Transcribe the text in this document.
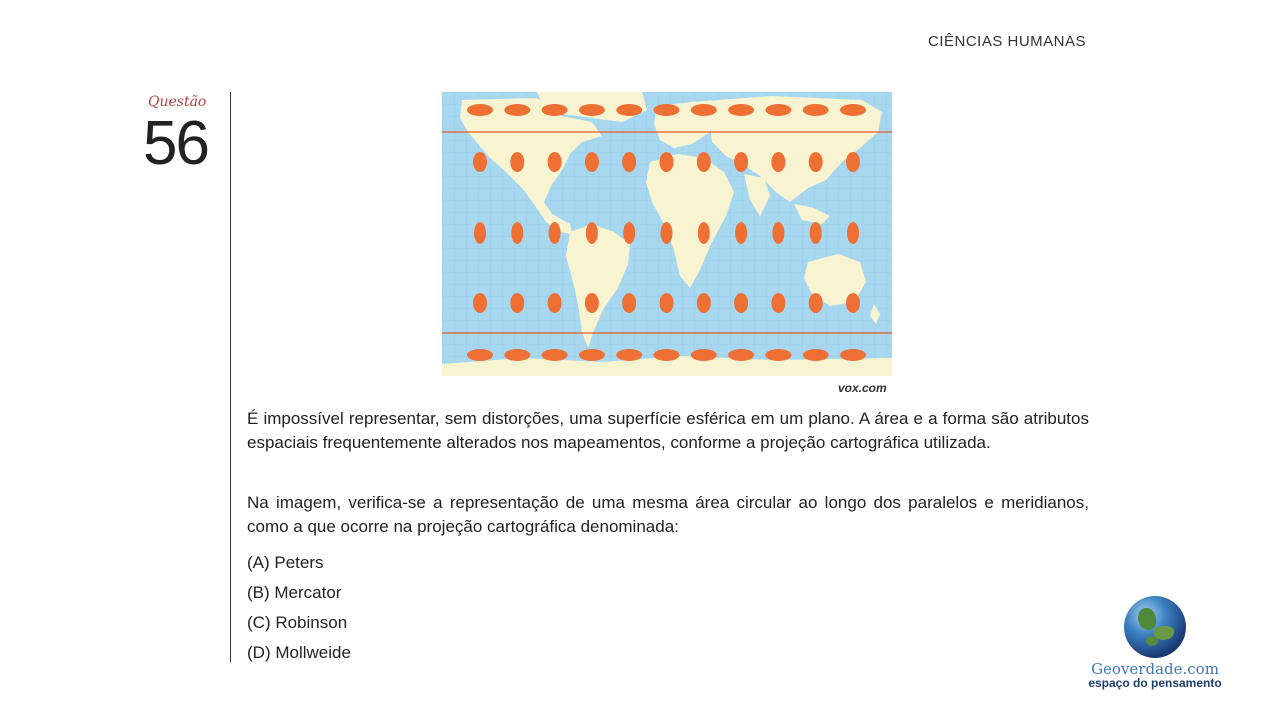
CIÊNCIAS HUMANAS
Questão
56
vox.com
É impossível representar, sem distorções, uma superfície esférica em um plano. A área e a forma são atributos espaciais frequentemente alterados nos mapeamentos, conforme a projeção cartográfica utilizada.
Na imagem, verifica-se a representação de uma mesma área circular ao longo dos paralelos e meridianos, como a que ocorre na projeção cartográfica denominada:
(A) Peters
(B) Mercator
(C) Robinson
(D) Mollweide
Geoverdade.com
espaço do pensamento
